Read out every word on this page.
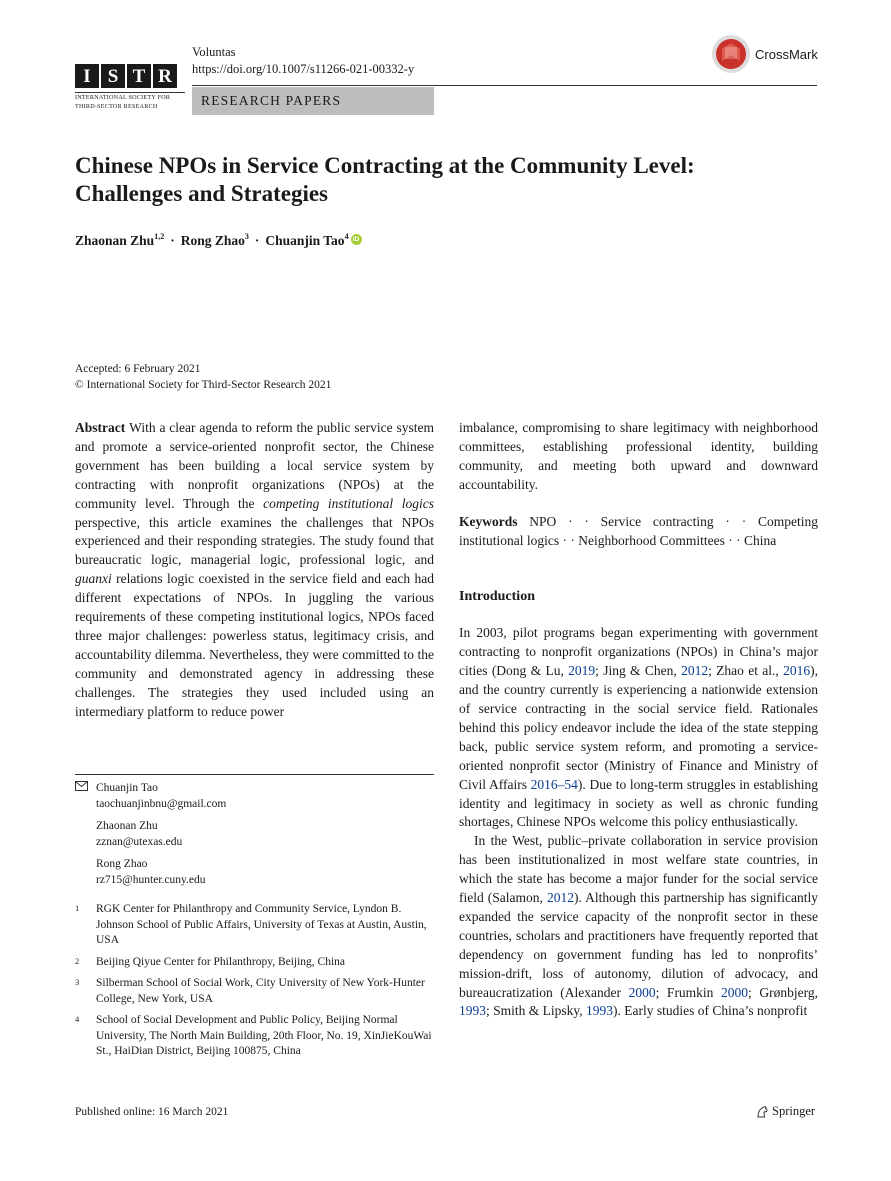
I S T R
INTERNATIONAL SOCIETY FOR
THIRD-SECTOR RESEARCH
Voluntas
https://doi.org/10.1007/s11266-021-00332-y
RESEARCH PAPERS
CrossMark
Chinese NPOs in Service Contracting at the Community Level: Challenges and Strategies
Zhaonan Zhu$^{1,2}$ · Rong Zhao$^3$ · Chuanjin Tao$^4$ iD
Accepted: 6 February 2021
© International Society for Third-Sector Research 2021

Abstract With a clear agenda to reform the public service system and promote a service-oriented nonprofit sector, the Chinese government has been building a local service system by contracting with nonprofit organizations (NPOs) at the community level. Through the competing institutional logics perspective, this article examines the challenges that NPOs experienced and their responding strategies. The study found that bureaucratic logic, managerial logic, professional logic, and guanxi relations logic coexisted in the service field and each had different expectations of NPOs. In juggling the various requirements of these competing institutional logics, NPOs faced three major challenges: powerless status, legitimacy crisis, and accountability dilemma. Nevertheless, they were committed to the community and demonstrated agency in addressing these challenges. The strategies they used included using an intermediary platform to reduce power

imbalance, compromising to share legitimacy with neighborhood committees, establishing professional identity, building community, and meeting both upward and downward accountability.

Keywords NPO · · Service contracting · · Competing institutional logics · · Neighborhood Committees · · China

Introduction

In 2003, pilot programs began experimenting with government contracting to nonprofit organizations (NPOs) in China’s major cities (Dong & Lu, 2019; Jing & Chen, 2012; Zhao et al., 2016), and the country currently is experiencing a nationwide extension of service contracting in the social service field. Rationales behind this policy endeavor include the idea of the state stepping back, public service system reform, and promoting a service-oriented nonprofit sector (Ministry of Finance and Ministry of Civil Affairs 2016–54). Due to long-term struggles in establishing identity and legitimacy in society as well as chronic funding shortages, Chinese NPOs welcome this policy enthusiastically.

In the West, public–private collaboration in service provision has been institutionalized in most welfare state countries, in which the state has become a major funder for the social service field (Salamon, 2012). Although this partnership has significantly expanded the service capacity of the nonprofit sector in these countries, scholars and practitioners have frequently reported that dependency on government funding has led to nonprofits’ mission-drift, loss of autonomy, dilution of advocacy, and bureaucratization (Alexander 2000; Frumkin 2000; Grønbjerg, 1993; Smith & Lipsky, 1993). Early studies of China’s nonprofit

Chuanjin Tao
taochuanjinbnu@gmail.com
Zhaonan Zhu
zznan@utexas.edu
Rong Zhao
rz715@hunter.cuny.edu
1	RGK Center for Philanthropy and Community Service, Lyndon B. Johnson School of Public Affairs, University of Texas at Austin, Austin, USA
2	Beijing Qiyue Center for Philanthropy, Beijing, China
3	Silberman School of Social Work, City University of New York-Hunter College, New York, USA
4	School of Social Development and Public Policy, Beijing Normal University, The North Main Building, 20th Floor, No. 19, XinJieKouWai St., HaiDian District, Beijing 100875, China
Published online: 16 March 2021	Springer
